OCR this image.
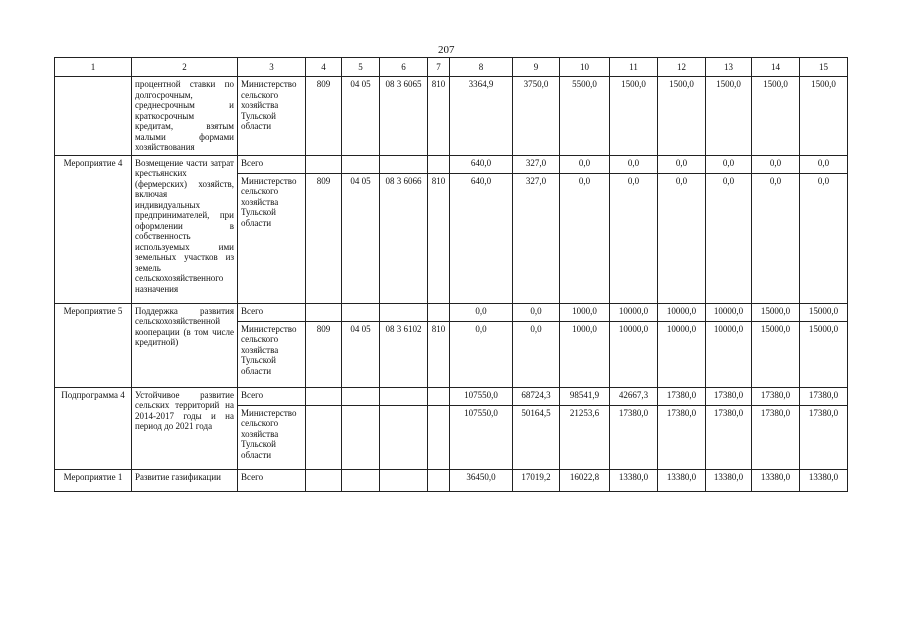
207
1	2	3	4	5	6	7	8	9	10	11	12	13	14	15
	процентной ставки по долгосрочным, среднесрочным и краткосрочным кредитам, взятым малыми формами хозяйствования	Министерство сельского хозяйства Тульской области	809	04 05	08 3 6065	810	3364,9	3750,0	5500,0	1500,0	1500,0	1500,0	1500,0	1500,0
Мероприятие 4	Возмещение части затрат крестьянских (фермерских) хозяйств, включая индивидуальных предпринимателей, при оформлении в собственность используемых ими земельных участков из земель сельскохозяйственного назначения	Всего					640,0	327,0	0,0	0,0	0,0	0,0	0,0	0,0
		Министерство сельского хозяйства Тульской области	809	04 05	08 3 6066	810	640,0	327,0	0,0	0,0	0,0	0,0	0,0	0,0
Мероприятие 5	Поддержка развития сельскохозяйственной кооперации (в том числе кредитной)	Всего					0,0	0,0	1000,0	10000,0	10000,0	10000,0	15000,0	15000,0
		Министерство сельского хозяйства Тульской области	809	04 05	08 3 6102	810	0,0	0,0	1000,0	10000,0	10000,0	10000,0	15000,0	15000,0
Подпрограмма 4	Устойчивое развитие сельских территорий на 2014-2017 годы и на период до 2021 года	Всего					107550,0	68724,3	98541,9	42667,3	17380,0	17380,0	17380,0	17380,0
		Министерство сельского хозяйства Тульской области					107550,0	50164,5	21253,6	17380,0	17380,0	17380,0	17380,0	17380,0
Мероприятие 1	Развитие газификации	Всего					36450,0	17019,2	16022,8	13380,0	13380,0	13380,0	13380,0	13380,0
